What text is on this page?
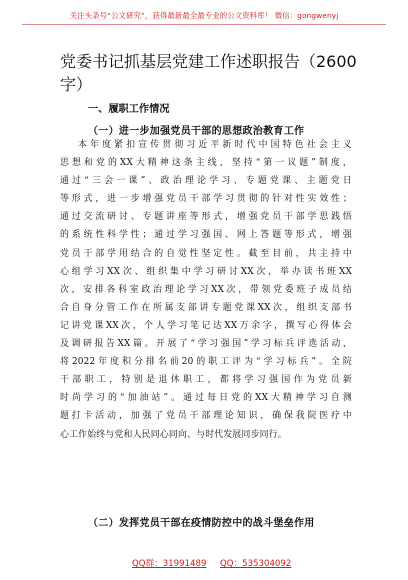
关注头条号“公文研究”，获得最新最全最专业的公文资料库！ 微信：gongwenyj
党委书记抓基层党建工作述职报告（2600字）
一、履职工作情况
（一）进一步加强党员干部的思想政治教育工作
本年度紧扣宣传贯彻习近平新时代中国特色社会主义
思想和党的XX大精神这条主线，坚持“第一议题”制度，
通过“三会一课”、政治理论学习、专题党课、主题党日
等形式，进一步增强党员干部学习贯彻的针对性实效性；
通过交流研讨、专题讲座等形式，增强党员干部学思践悟
的系统性科学性；通过学习强国、网上答题等形式，增强
党员干部学用结合的自觉性坚定性。截至目前，共主持中
心组学习XX次、组织集中学习研讨XX次，举办读书班XX
次，安排各科室政治理论学习XX次，带领党委班子成员结
合自身分管工作在所属支部讲专题党课XX次，组织支部书
记讲党课XX次，个人学习笔记达XX万余字，撰写心得体会
及调研报告XX篇。开展了“学习强国”学习标兵评选活动，
将2022年度积分排名前20的职工评为“学习标兵”。全院
干部职工，特别是退休职工，都将学习强国作为党员新
时尚学习的“加油站”。通过每日党的XX大精神学习自测
题打卡活动，加强了党员干部理论知识，确保我院医疗中
心工作始终与党和人民同心同向、与时代发展同步同行。
（二）发挥党员干部在疫情防控中的战斗堡垒作用
QQ群：31991489 QQ：535304092
